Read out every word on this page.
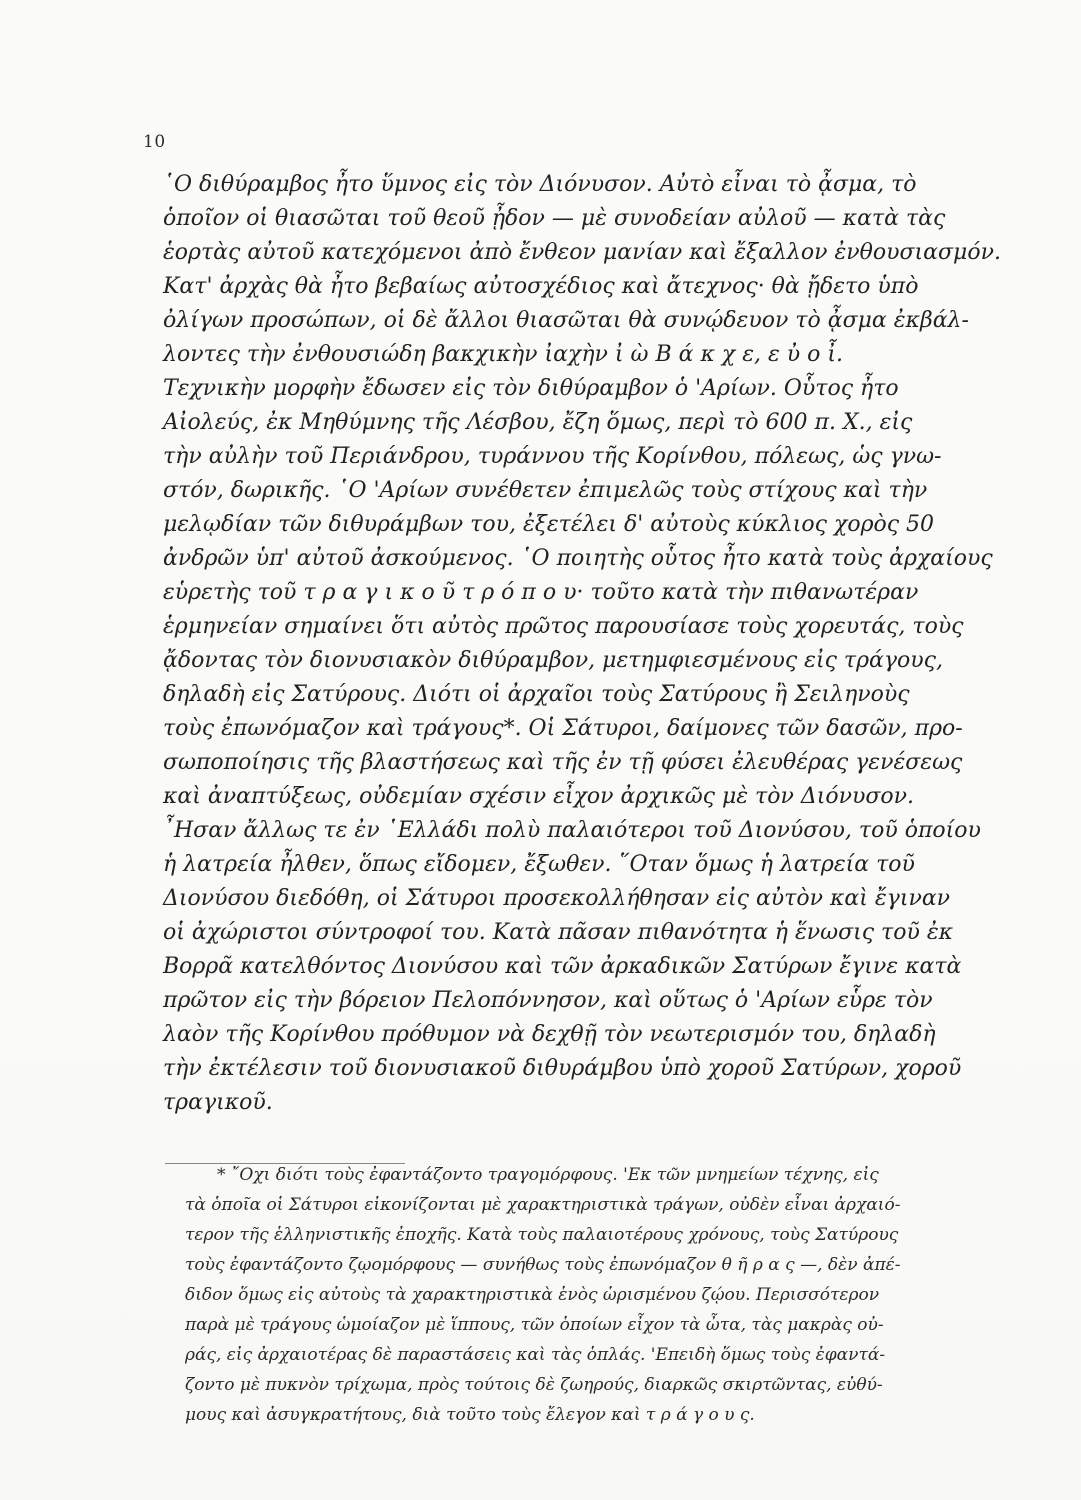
10
῾Ο διθύραμβος ἦτο ὕμνος εἰς τὸν Διόνυσον. Αὐτὸ εἶναι τὸ ᾆσμα, τὸ
ὁποῖον οἱ θιασῶται τοῦ θεοῦ ᾖδον — μὲ συνοδείαν αὐλοῦ — κατὰ τὰς
ἑορτὰς αὐτοῦ κατεχόμενοι ἀπὸ ἔνθεον μανίαν καὶ ἔξαλλον ἐνθουσιασμόν.
Κατ' ἀρχὰς θὰ ἦτο βεβαίως αὐτοσχέδιος καὶ ἄτεχνος· θὰ ᾔδετο ὑπὸ
ὀλίγων προσώπων, οἱ δὲ ἄλλοι θιασῶται θὰ συνῴδευον τὸ ᾆσμα ἐκβάλ-
λοντες τὴν ἐνθουσιώδη βακχικὴν ἰαχὴν ἰ ὼ Β ά κ χ ε, ε ὐ ο ἶ.
Τεχνικὴν μορφὴν ἔδωσεν εἰς τὸν διθύραμβον ὁ 'Αρίων. Οὗτος ἦτο
Αἰολεύς, ἐκ Μηθύμνης τῆς Λέσβου, ἔζη ὅμως, περὶ τὸ 600 π. Χ., εἰς
τὴν αὐλὴν τοῦ Περιάνδρου, τυράννου τῆς Κορίνθου, πόλεως, ὡς γνω-
στόν, δωρικῆς. ῾Ο 'Αρίων συνέθετεν ἐπιμελῶς τοὺς στίχους καὶ τὴν
μελῳδίαν τῶν διθυράμβων του, ἐξετέλει δ' αὐτοὺς κύκλιος χορὸς 50
ἀνδρῶν ὑπ' αὐτοῦ ἀσκούμενος. ῾Ο ποιητὴς οὗτος ἦτο κατὰ τοὺς ἀρχαίους
εὑρετὴς τοῦ τ ρ α γ ι κ ο ῦ τ ρ ό π ο υ· τοῦτο κατὰ τὴν πιθανωτέραν
ἑρμηνείαν σημαίνει ὅτι αὐτὸς πρῶτος παρουσίασε τοὺς χορευτάς, τοὺς
ᾄδοντας τὸν διονυσιακὸν διθύραμβον, μετημφιεσμένους εἰς τράγους,
δηλαδὴ εἰς Σατύρους. Διότι οἱ ἀρχαῖοι τοὺς Σατύρους ἢ Σειληνοὺς
τοὺς ἐπωνόμαζον καὶ τράγους*. Οἱ Σάτυροι, δαίμονες τῶν δασῶν, προ-
σωποποίησις τῆς βλαστήσεως καὶ τῆς ἐν τῇ φύσει ἐλευθέρας γενέσεως
καὶ ἀναπτύξεως, οὐδεμίαν σχέσιν εἶχον ἀρχικῶς μὲ τὸν Διόνυσον.
῏Ησαν ἄλλως τε ἐν ῾Ελλάδι πολὺ παλαιότεροι τοῦ Διονύσου, τοῦ ὁποίου
ἡ λατρεία ἦλθεν, ὅπως εἴδομεν, ἔξωθεν. ῞Οταν ὅμως ἡ λατρεία τοῦ
Διονύσου διεδόθη, οἱ Σάτυροι προσεκολλήθησαν εἰς αὐτὸν καὶ ἔγιναν
οἱ ἀχώριστοι σύντροφοί του. Κατὰ πᾶσαν πιθανότητα ἡ ἕνωσις τοῦ ἐκ
Βορρᾶ κατελθόντος Διονύσου καὶ τῶν ἀρκαδικῶν Σατύρων ἔγινε κατὰ
πρῶτον εἰς τὴν βόρειον Πελοπόννησον, καὶ οὕτως ὁ 'Αρίων εὗρε τὸν
λαὸν τῆς Κορίνθου πρόθυμον νὰ δεχθῇ τὸν νεωτερισμόν του, δηλαδὴ
τὴν ἐκτέλεσιν τοῦ διονυσιακοῦ διθυράμβου ὑπὸ χοροῦ Σατύρων, χοροῦ
τραγικοῦ.
* ῎Οχι διότι τοὺς ἐφαντάζοντο τραγομόρφους. 'Εκ τῶν μνημείων τέχνης, εἰς
τὰ ὁποῖα οἱ Σάτυροι εἰκονίζονται μὲ χαρακτηριστικὰ τράγων, οὐδὲν εἶναι ἀρχαιό-
τερον τῆς ἑλληνιστικῆς ἐποχῆς. Κατὰ τοὺς παλαιοτέρους χρόνους, τοὺς Σατύρους
τοὺς ἐφαντάζοντο ζῳομόρφους — συνήθως τοὺς ἐπωνόμαζον θ ῆ ρ α ς —, δὲν ἀπέ-
διδον ὅμως εἰς αὐτοὺς τὰ χαρακτηριστικὰ ἑνὸς ὡρισμένου ζῴου. Περισσότερον
παρὰ μὲ τράγους ὡμοίαζον μὲ ἵππους, τῶν ὁποίων εἶχον τὰ ὦτα, τὰς μακρὰς οὐ-
ράς, εἰς ἀρχαιοτέρας δὲ παραστάσεις καὶ τὰς ὁπλάς. 'Επειδὴ ὅμως τοὺς ἐφαντά-
ζοντο μὲ πυκνὸν τρίχωμα, πρὸς τούτοις δὲ ζωηρούς, διαρκῶς σκιρτῶντας, εὐθύ-
μους καὶ ἀσυγκρατήτους, διὰ τοῦτο τοὺς ἔλεγον καὶ τ ρ ά γ ο υ ς.
